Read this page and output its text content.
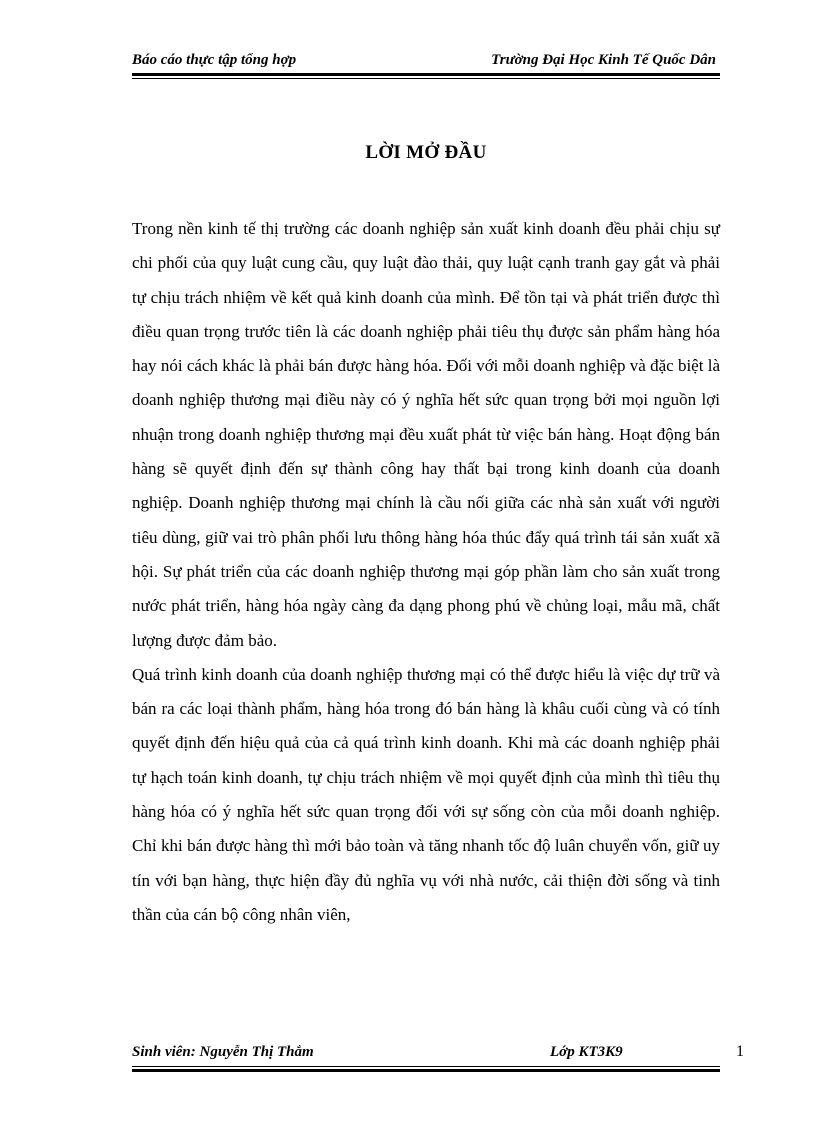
Báo cáo thực tập tổng hợp	Trường Đại Học Kinh Tế Quốc Dân
LỜI MỞ ĐẦU

Trong nền kinh tế thị trường các doanh nghiệp sản xuất kinh doanh đều phải chịu sự chi phối của quy luật cung cầu, quy luật đào thải, quy luật cạnh tranh gay gắt và phải tự chịu trách nhiệm về kết quả kinh doanh của mình. Để tồn tại và phát triển được thì điều quan trọng trước tiên là các doanh nghiệp phải tiêu thụ được sản phẩm hàng hóa hay nói cách khác là phải bán được hàng hóa. Đối với mỗi doanh nghiệp và đặc biệt là doanh nghiệp thương mại điều này có ý nghĩa hết sức quan trọng bởi mọi nguồn lợi nhuận trong doanh nghiệp thương mại đều xuất phát từ việc bán hàng. Hoạt động bán hàng sẽ quyết định đến sự thành công hay thất bại trong kinh doanh của doanh nghiệp. Doanh nghiệp thương mại chính là cầu nối giữa các nhà sản xuất với người tiêu dùng, giữ vai trò phân phối lưu thông hàng hóa thúc đẩy quá trình tái sản xuất xã hội. Sự phát triển của các doanh nghiệp thương mại góp phần làm cho sản xuất trong nước phát triển, hàng hóa ngày càng đa dạng phong phú về chủng loại, mẫu mã, chất lượng được đảm bảo.

Quá trình kinh doanh của doanh nghiệp thương mại có thể được hiểu là việc dự trữ và bán ra các loại thành phẩm, hàng hóa trong đó bán hàng là khâu cuối cùng và có tính quyết định đến hiệu quả của cả quá trình kinh doanh. Khi mà các doanh nghiệp phải tự hạch toán kinh doanh, tự chịu trách nhiệm về mọi quyết định của mình thì tiêu thụ hàng hóa có ý nghĩa hết sức quan trọng đối với sự sống còn của mỗi doanh nghiệp. Chỉ khi bán được hàng thì mới bảo toàn và tăng nhanh tốc độ luân chuyển vốn, giữ uy tín với bạn hàng, thực hiện đầy đủ nghĩa vụ với nhà nước, cải thiện đời sống và tinh thần của cán bộ công nhân viên,

Sinh viên: Nguyễn Thị Thắm	Lớp KT3K9	1
